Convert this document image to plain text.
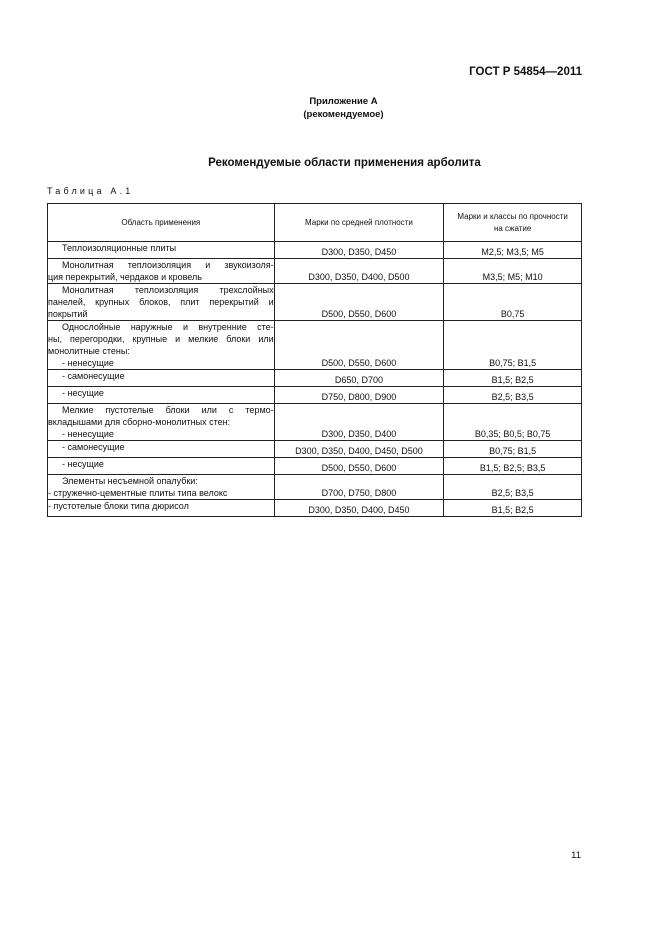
ГОСТ Р 54854—2011
Приложение А
(рекомендуемое)
Рекомендуемые области применения арболита
Таблица А.1
Область применения	Марки по средней плотности	Марки и классы по прочности
на сжатие

Теплоизоляционные плиты	D300, D350, D450	M2,5; M3,5; M5

Монолитная теплоизоляция и звукоизоля-
ция перекрытий, чердаков и кровель	D300, D350, D400, D500	M3,5; M5; M10

Монолитная теплоизоляция трехслойных
панелей, крупных блоков, плит перекрытий и
покрытий	D500, D550, D600	B0,75

Однослойные наружные и внутренние сте-
ны, перегородки, крупные и мелкие блоки или
монолитные стены:
- ненесущие	D500, D550, D600	B0,75; B1,5

- самонесущие	D650, D700	B1,5; B2,5

- несущие	D750, D800, D900	B2,5; B3,5

Мелкие пустотелые блоки или с термо-
вкладышами для сборно-монолитных стен:
- ненесущие	D300, D350, D400	B0,35; B0,5; B0,75

- самонесущие	D300, D350, D400, D450, D500	B0,75; B1,5

- несущие	D500, D550, D600	B1,5; B2,5; B3,5

Элементы несъемной опалубки:
- стружечно-цементные плиты типа велокс	D700, D750, D800	B2,5; B3,5

- пустотелые блоки типа дюрисол	D300, D350, D400, D450	B1,5; B2,5
11
